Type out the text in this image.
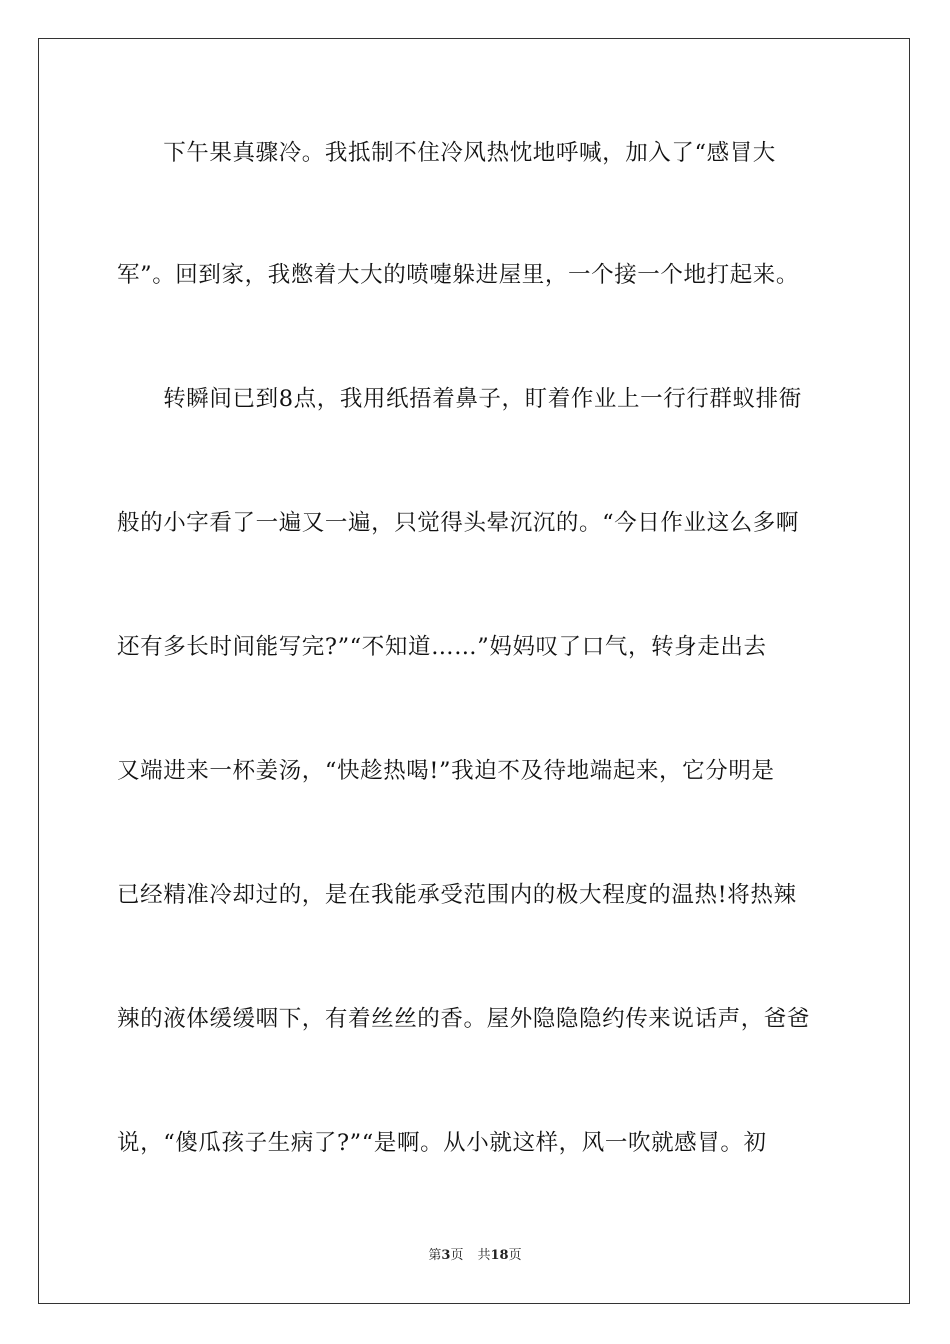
　　下午果真骤冷。我抵制不住冷风热忱地呼喊，加入了“感冒大
军”。回到家，我憋着大大的喷嚏躲进屋里，一个接一个地打起来。
　　转瞬间已到8点，我用纸捂着鼻子，盯着作业上一行行群蚁排衙
般的小字看了一遍又一遍，只觉得头晕沉沉的。“今日作业这么多啊
还有多长时间能写完?”“不知道……”妈妈叹了口气，转身走出去
又端进来一杯姜汤，“快趁热喝!”我迫不及待地端起来，它分明是
已经精准冷却过的，是在我能承受范围内的极大程度的温热!将热辣
辣的液体缓缓咽下，有着丝丝的香。屋外隐隐隐约传来说话声，爸爸
说，“傻瓜孩子生病了?”“是啊。从小就这样，风一吹就感冒。初
第3页 共18页
